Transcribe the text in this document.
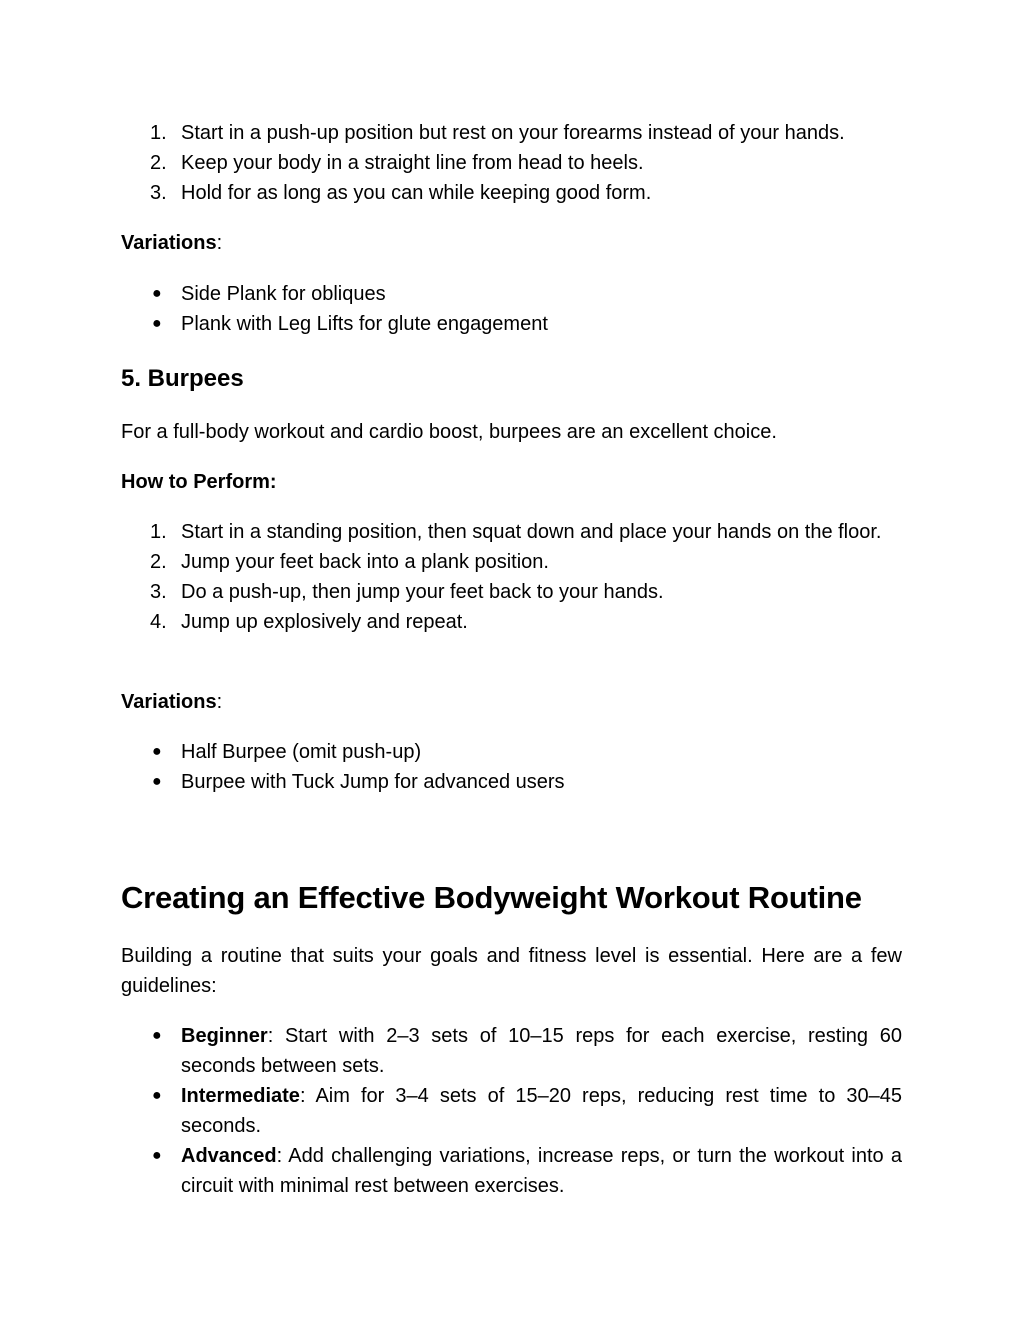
1. Start in a push-up position but rest on your forearms instead of your hands.
2. Keep your body in a straight line from head to heels.
3. Hold for as long as you can while keeping good form.
Variations:
● Side Plank for obliques
● Plank with Leg Lifts for glute engagement
5. Burpees
For a full-body workout and cardio boost, burpees are an excellent choice.
How to Perform:
1. Start in a standing position, then squat down and place your hands on the floor.
2. Jump your feet back into a plank position.
3. Do a push-up, then jump your feet back to your hands.
4. Jump up explosively and repeat.
Variations:
● Half Burpee (omit push-up)
● Burpee with Tuck Jump for advanced users
Creating an Effective Bodyweight Workout Routine
Building a routine that suits your goals and fitness level is essential. Here are a few guidelines:
● Beginner: Start with 2–3 sets of 10–15 reps for each exercise, resting 60 seconds between sets.
● Intermediate: Aim for 3–4 sets of 15–20 reps, reducing rest time to 30–45 seconds.
● Advanced: Add challenging variations, increase reps, or turn the workout into a circuit with minimal rest between exercises.
